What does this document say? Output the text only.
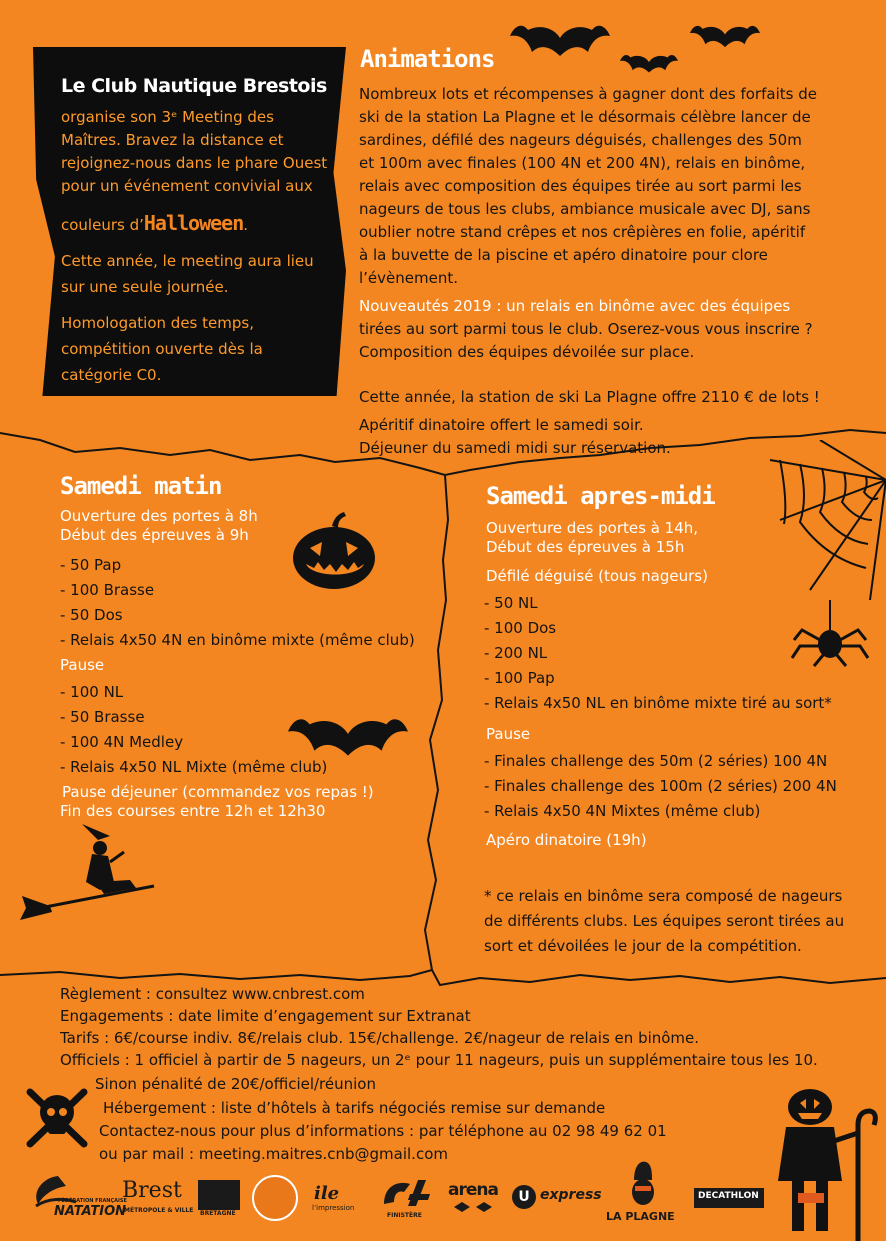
Le Club Nautique Brestois
organise son 3ᵉ Meeting des
Maîtres. Bravez la distance et
rejoignez-nous dans le phare Ouest
pour un événement convivial aux
couleurs d’Halloween.
Cette année, le meeting aura lieu
sur une seule journée.
Homologation des temps,
compétition ouverte dès la
catégorie C0.
Animations
Nombreux lots et récompenses à gagner dont des forfaits de
ski de la station La Plagne et le désormais célèbre lancer de
sardines, défilé des nageurs déguisés, challenges des 50m
et 100m avec finales (100 4N et 200 4N), relais en binôme,
relais avec composition des équipes tirée au sort parmi les
nageurs de tous les clubs, ambiance musicale avec DJ, sans
oublier notre stand crêpes et nos crêpières en folie, apéritif
à la buvette de la piscine et apéro dinatoire pour clore
l’évènement.
Nouveautés 2019 : un relais en binôme avec des équipes
tirées au sort parmi tous le club. Oserez-vous vous inscrire ?
Composition des équipes dévoilée sur place.
Cette année, la station de ski La Plagne offre 2110 € de lots !
Apéritif dinatoire offert le samedi soir.
Déjeuner du samedi midi sur réservation.
Samedi matin
Ouverture des portes à 8h
Début des épreuves à 9h
- 50 Pap
- 100 Brasse
- 50 Dos
- Relais 4x50 4N en binôme mixte (même club)
Pause
- 100 NL
- 50 Brasse
- 100 4N Medley
- Relais 4x50 NL Mixte (même club)
Pause déjeuner (commandez vos repas !)
Fin des courses entre 12h et 12h30
Samedi apres-midi
Ouverture des portes à 14h,
Début des épreuves à 15h
Défilé déguisé (tous nageurs)
- 50 NL
- 100 Dos
- 200 NL
- 100 Pap
- Relais 4x50 NL en binôme mixte tiré au sort*
Pause
- Finales challenge des 50m (2 séries) 100 4N
- Finales challenge des 100m (2 séries) 200 4N
- Relais 4x50 4N Mixtes (même club)
Apéro dinatoire (19h)
* ce relais en binôme sera composé de nageurs
de différents clubs. Les équipes seront tirées au
sort et dévoilées le jour de la compétition.
Règlement : consultez www.cnbrest.com
Engagements : date limite d’engagement sur Extranat
Tarifs : 6€/course indiv. 8€/relais club. 15€/challenge. 2€/nageur de relais en binôme.
Officiels : 1 officiel à partir de 5 nageurs, un 2ᵉ pour 11 nageurs, puis un supplémentaire tous les 10.
Sinon pénalité de 20€/officiel/réunion
Hébergement : liste d’hôtels à tarifs négociés remise sur demande
Contactez-nous pour plus d’informations : par téléphone au 02 98 49 62 01
ou par mail : meeting.maitres.cnb@gmail.com
FÉDÉRATION FRANÇAISE
NATATION
Brest
MÉTROPOLE & VILLE BRETAGNE
ile
l’impression
FINISTÈRE
arena	U express
LA PLAGNE
DECATHLON
